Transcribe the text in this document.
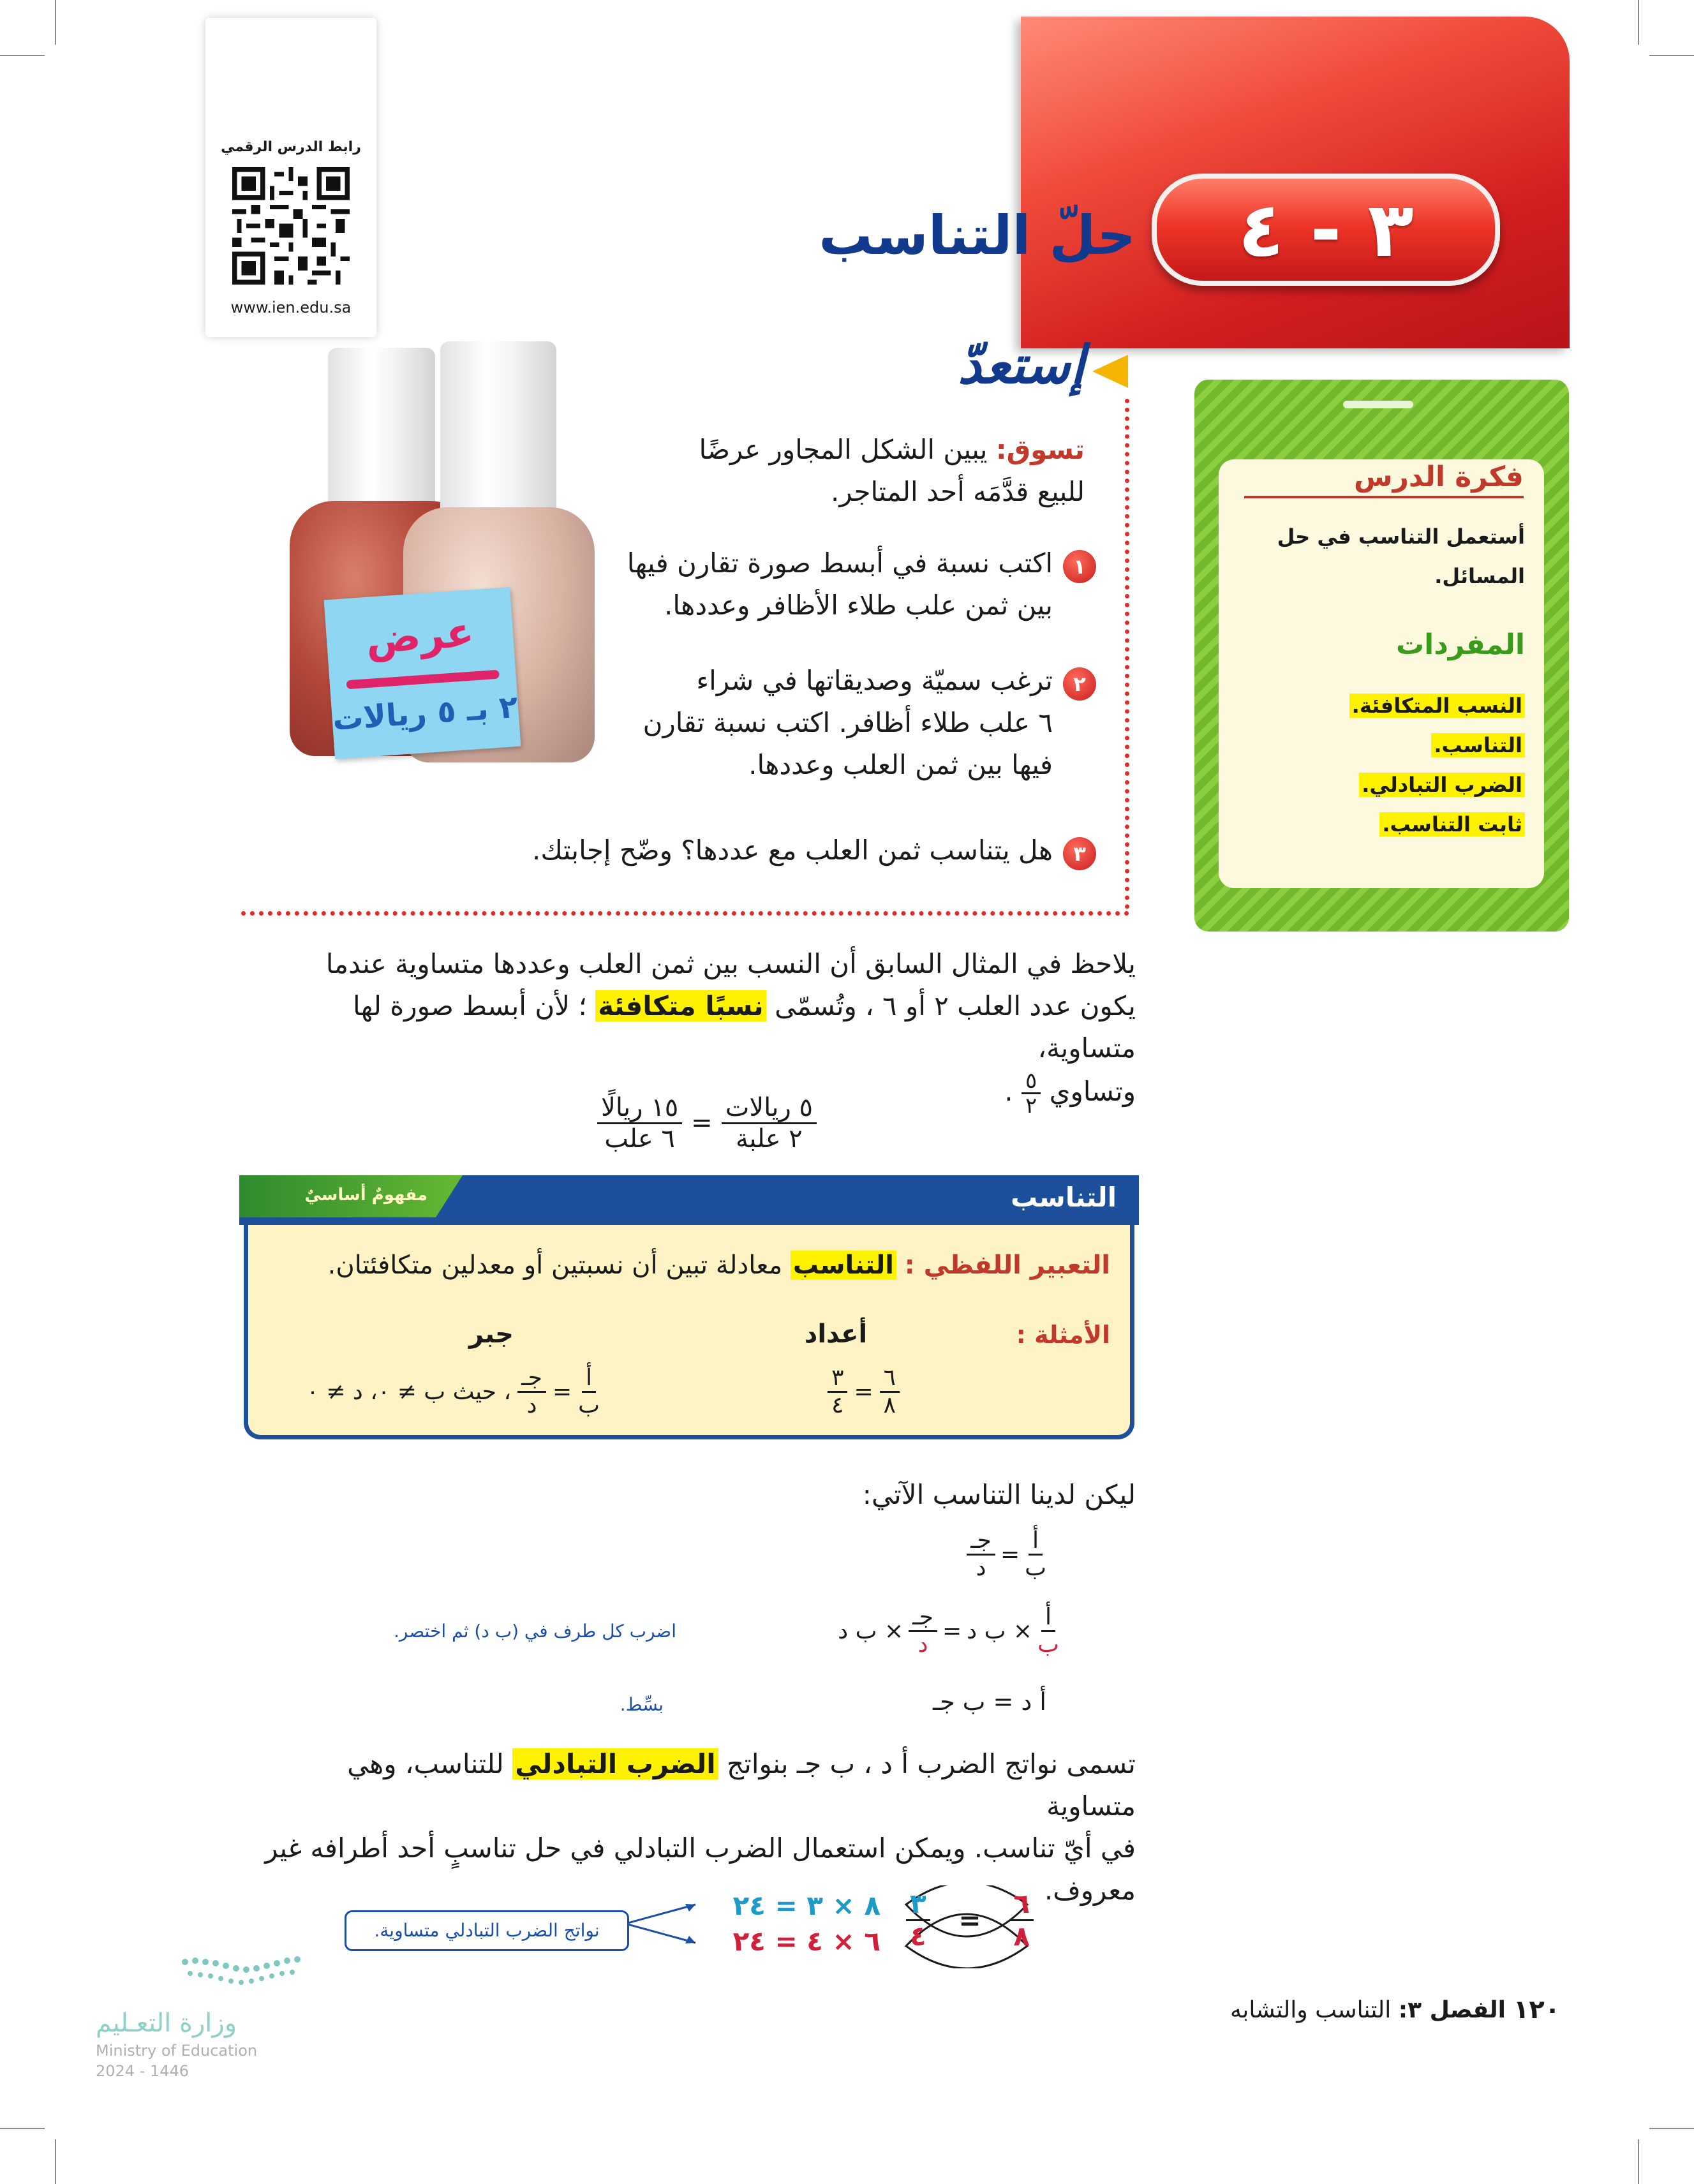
رابط الدرس الرقمي
www.ien.edu.sa
٣ - ٤
حلّ التناسب
فكرة الدرس
أستعمل التناسب في حل المسائل.
المفردات
النسب المتكافئة.
التناسب.
الضرب التبادلي.
ثابت التناسب.
عرض
٢ بـ ٥ ريالات
إستعدّ
تسوق: يبين الشكل المجاور عرضًا
للبيع قدَّمَه أحد المتاجر.
١
اكتب نسبة في أبسط صورة تقارن فيها
بين ثمن علب طلاء الأظافر وعددها.
٢
ترغب سميّة وصديقاتها في شراء
٦ علب طلاء أظافر. اكتب نسبة تقارن
فيها بين ثمن العلب وعددها.
٣
هل يتناسب ثمن العلب مع عددها؟ وضّح إجابتك.
يلاحظ في المثال السابق أن النسب بين ثمن العلب وعددها متساوية عندما
يكون عدد العلب ٢ أو ٦ ، وتُسمّى نسبًا متكافئة ؛ لأن أبسط صورة لها متساوية،
وتساوي
$\frac{٥}{٢}$
.
$\frac{\text{٥ ريالات}}{\text{٢ علبة}}$
=
$\frac{\text{١٥ ريالًا}}{\text{٦ علب}}$
مفهومٌ أساسيٌ	التناسب
التعبير اللفظي : التناسب معادلة تبين أن نسبتين أو معدلين متكافئتان.
الأمثلة :
أعداد
جبر
$\frac{٦}{٨}$
=
$\frac{٣}{٤}$
$\frac{\text{أ}}{\text{ب}}$
=
$\frac{\text{جـ}}{\text{د}}$
، حيث ب ≠ ٠، د ≠ ٠
ليكن لدينا التناسب الآتي:
$\frac{\text{أ}}{\text{ب}}$
=
$\frac{\text{جـ}}{\text{د}}$
$\frac{\text{أ}}{\text{ب}}$
× ب د
=
$\frac{\text{جـ}}{\text{د}}$
× ب د
اضرب كل طرف في (ب د) ثم اختصر.
أ د = ب جـ
بسِّط.
تسمى نواتج الضرب أ د ، ب جـ بنواتج الضرب التبادلي للتناسب، وهي متساوية
في أيّ تناسب. ويمكن استعمال الضرب التبادلي في حل تناسبٍ أحد أطرافه غير
معروف.
$\frac{٦}{٨}$
=
$\frac{٣}{٤}$
٨ × ٣ = ٢٤
٦ × ٤ = ٢٤
نواتج الضرب التبادلي متساوية.
وزارة التعـليم
Ministry of Education
2024 - 1446
١٢٠
الفصل ٣: التناسب والتشابه
